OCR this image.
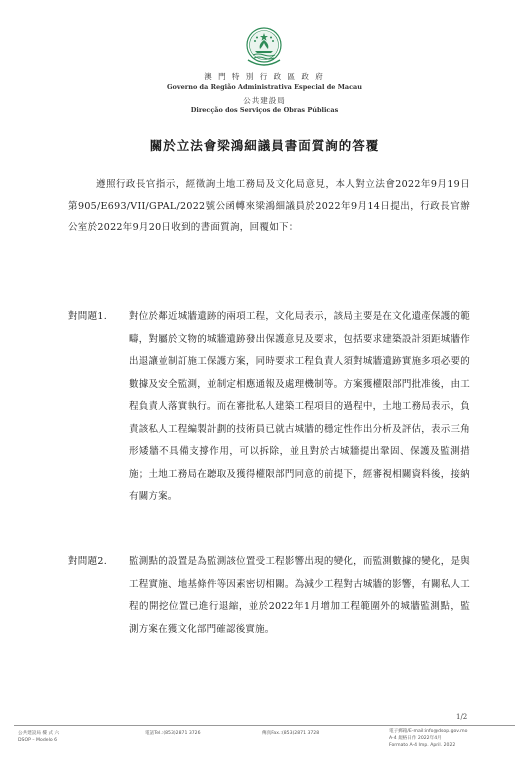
澳 門 特 別 行 政 區 政 府
Governo da Região Administrativa Especial de Macau
公共建設局
Direcção dos Serviços de Obras Públicas
關於立法會梁鴻細議員書面質詢的答覆
遵照行政長官指示，經徵詢土地工務局及文化局意見，本人對立法會2022年9月19日第905/E693/VII/GPAL/2022號公函轉來梁鴻細議員於2022年9月14日提出，行政長官辦公室於2022年9月20日收到的書面質詢，回覆如下：
對問題1. 對位於鄰近城牆遺跡的兩項工程，文化局表示，該局主要是在文化遺產保護的範疇，對屬於文物的城牆遺跡發出保護意見及要求，包括要求建築設計須距城牆作出退讓並制訂施工保護方案，同時要求工程負責人須對城牆遺跡實施多項必要的數據及安全監測，並制定相應通報及處理機制等。方案獲權限部門批准後，由工程負責人落實執行。而在審批私人建築工程項目的過程中，土地工務局表示，負責該私人工程編製計劃的技術員已就古城牆的穩定性作出分析及評估，表示三角形矮牆不具備支撐作用，可以拆除，並且對於古城牆提出鞏固、保護及監測措施；土地工務局在聽取及獲得權限部門同意的前提下，經審視相關資料後，接納有關方案。
對問題2. 監測點的設置是為監測該位置受工程影響出現的變化，而監測數據的變化，是與工程實施、地基條件等因素密切相關。為減少工程對古城牆的影響，有關私人工程的開挖位置已進行退縮，並於2022年1月增加工程範圍外的城牆監測點，監測方案在獲文化部門確認後實施。
1/2
公共建設局 樓 式 六
DSOP – Modelo 6
電話Tel.:(853)2871 3726	傳真Fax.:(853)2871 3728	電子郵箱/E-mail:info@dsop.gov.mo
A-4 規格日作 2022年4月
Formato A-4 Imp. April. 2022
